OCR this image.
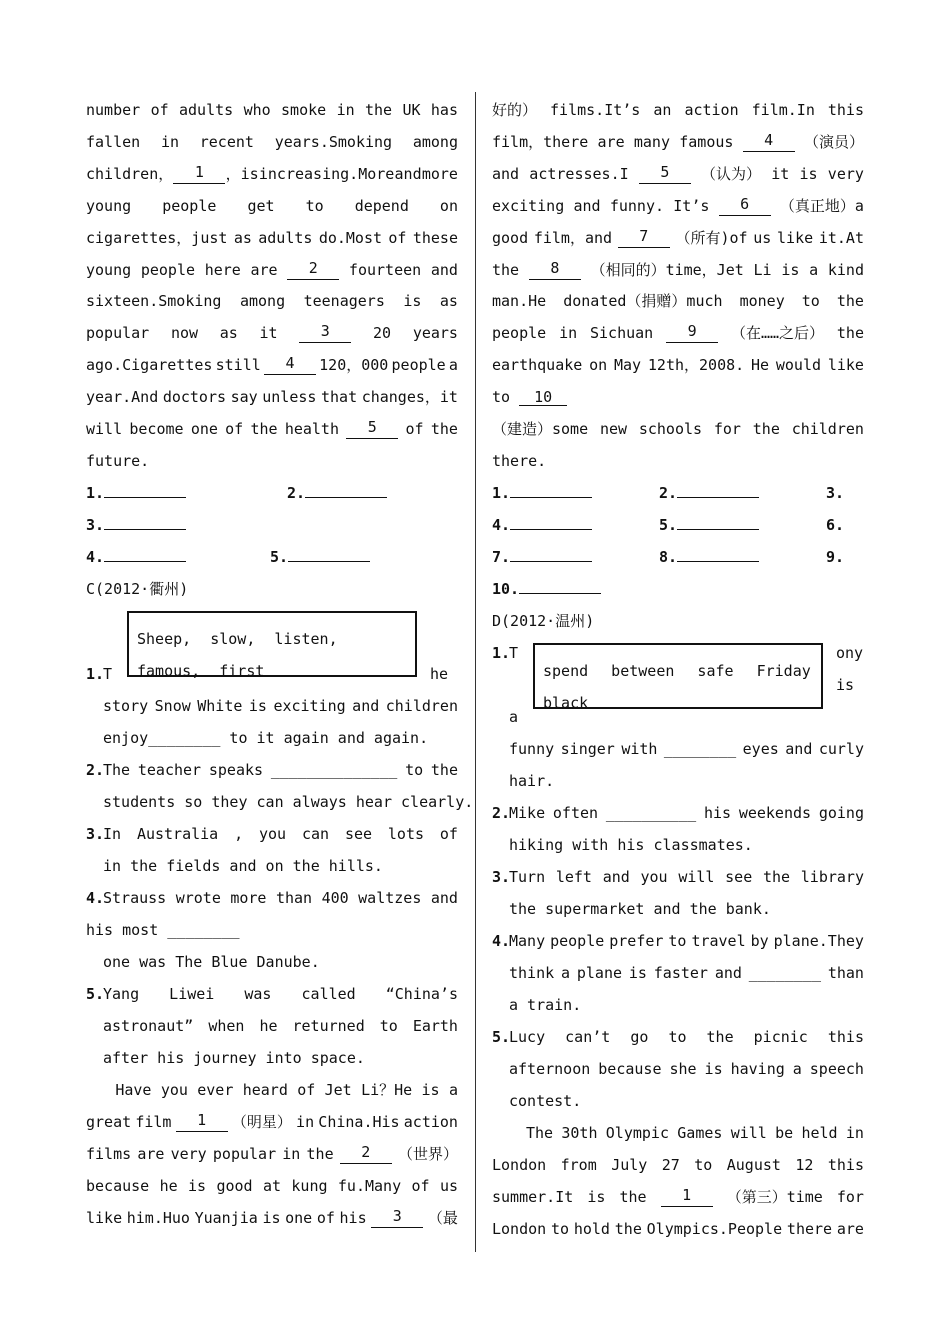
number of adults who smoke in the UK has
fallen in recent years.Smoking among
children，	1	，is increasing.More and more
young people get to depend on
cigarettes，just as adults do.Most of these
young people here are	2	fourteen and
sixteen.Smoking among teenagers is as
popular now as it	3	20 years
ago.Cigarettes still	4	120，000 people a
year.And doctors say unless that changes，it
will become one of the health	5	of the
future.
1.	2.
3.
4.	5.
C(2012·衢州)
Sheep, slow, listen, famous, first
1.
T	he
story Snow White is exciting and children
enjoy________ to it again and again.
2.
The teacher speaks ______________ to the
students so they can always hear clearly.
3.
In Australia , you can see lots of
in the fields and on the hills.
4.
Strauss wrote more than 400 waltzes and
his most ________
one was The Blue Danube.
5.
Yang Liwei was called “China’s
astronaut” when he returned to Earth
after his journey into space.
Have you ever heard of Jet Li？He is a
great film	1	（明星） in China.His action
films are very popular in the	2	（世界）
because he is good at kung fu.Many of us
like him.Huo Yuanjia is one of his	3	（最
好的） films.It’s an action film.In this
film，there are many famous	4	（演员）
and actresses.I	5	（认为） it is very
exciting and funny. It’s	6	（真正地）a
good film，and	7	（所有)of us like it.At
the	8	（相同的）time，Jet Li is a kind
man.He donated（捐赠）much money to the
people in Sichuan	9	（在……之后） the
earthquake on May 12th，2008. He would like
to 10
（建造）some new schools for the children
there.
1.	2.	3.
4.	5.	6.
7.	8.	9.
10.
D(2012·温州)
spend between safe Friday black
1.
T	ony
is
a
funny singer with ________ eyes and curly
hair.
2.
Mike often __________ his weekends going
hiking with his classmates.
3.
Turn left and you will see the library
the supermarket and the bank.
4.
Many people prefer to travel by plane.They
think a plane is faster and ________ than
a train.
5.
Lucy can’t go to the picnic this
afternoon because she is having a speech
contest.
The 30th Olympic Games will be held in
London from July 27 to August 12 this
summer.It is the	1	（第三）time for
London to hold the Olympics.People there are
